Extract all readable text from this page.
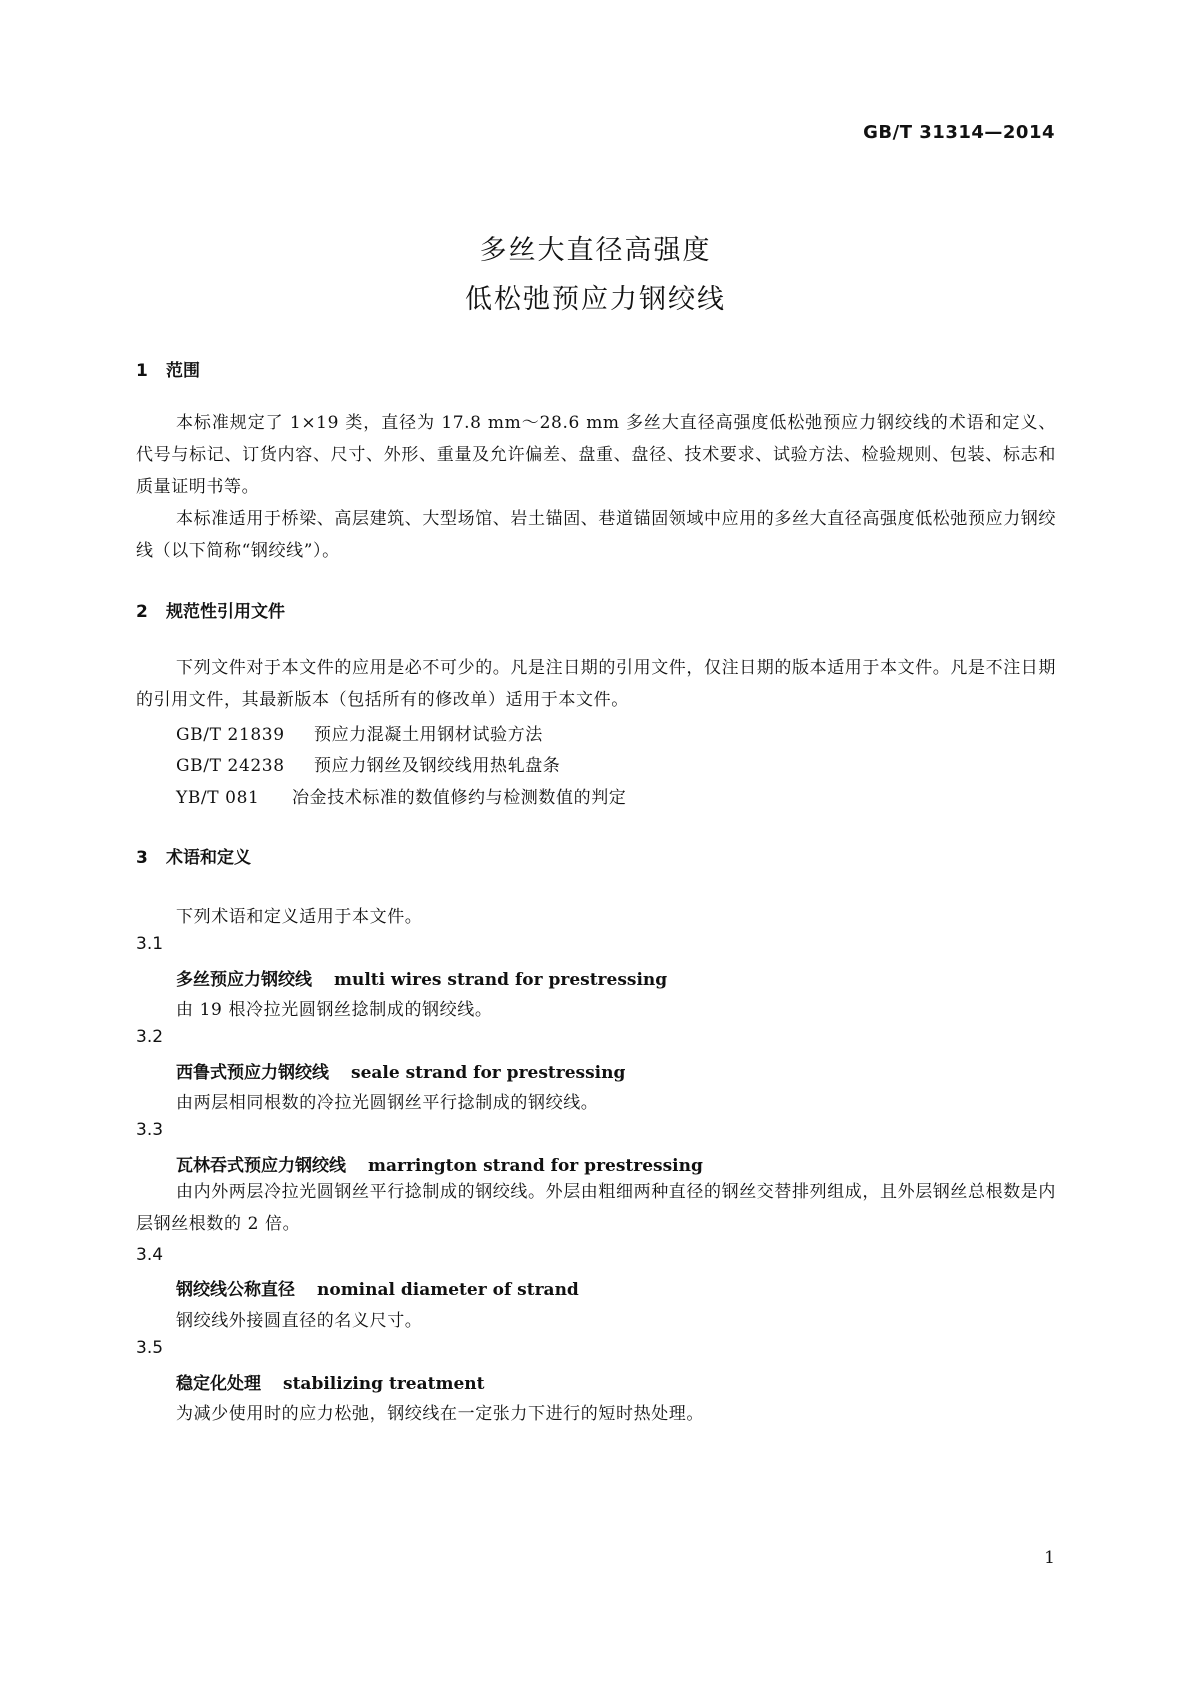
GB/T 31314—2014
多丝大直径高强度
低松弛预应力钢绞线
1 范围

本标准规定了 1×19 类，直径为 17.8 mm～28.6 mm 多丝大直径高强度低松弛预应力钢绞线的术语和定义、代号与标记、订货内容、尺寸、外形、重量及允许偏差、盘重、盘径、技术要求、试验方法、检验规则、包装、标志和质量证明书等。

本标准适用于桥梁、高层建筑、大型场馆、岩土锚固、巷道锚固领域中应用的多丝大直径高强度低松弛预应力钢绞线（以下简称“钢绞线”）。

2 规范性引用文件

下列文件对于本文件的应用是必不可少的。凡是注日期的引用文件，仅注日期的版本适用于本文件。凡是不注日期的引用文件，其最新版本（包括所有的修改单）适用于本文件。

GB/T 21839 预应力混凝土用钢材试验方法
GB/T 24238 预应力钢丝及钢绞线用热轧盘条
YB/T 081 冶金技术标准的数值修约与检测数值的判定
3 术语和定义
下列术语和定义适用于本文件。
3.1
多丝预应力钢绞线 multi wires strand for prestressing
由 19 根冷拉光圆钢丝捻制成的钢绞线。
3.2
西鲁式预应力钢绞线 seale strand for prestressing
由两层相同根数的冷拉光圆钢丝平行捻制成的钢绞线。
3.3
瓦林吞式预应力钢绞线 marrington strand for prestressing

由内外两层冷拉光圆钢丝平行捻制成的钢绞线。外层由粗细两种直径的钢丝交替排列组成，且外层钢丝总根数是内层钢丝根数的 2 倍。

3.4
钢绞线公称直径 nominal diameter of strand
钢绞线外接圆直径的名义尺寸。
3.5
稳定化处理 stabilizing treatment
为减少使用时的应力松弛，钢绞线在一定张力下进行的短时热处理。
1
